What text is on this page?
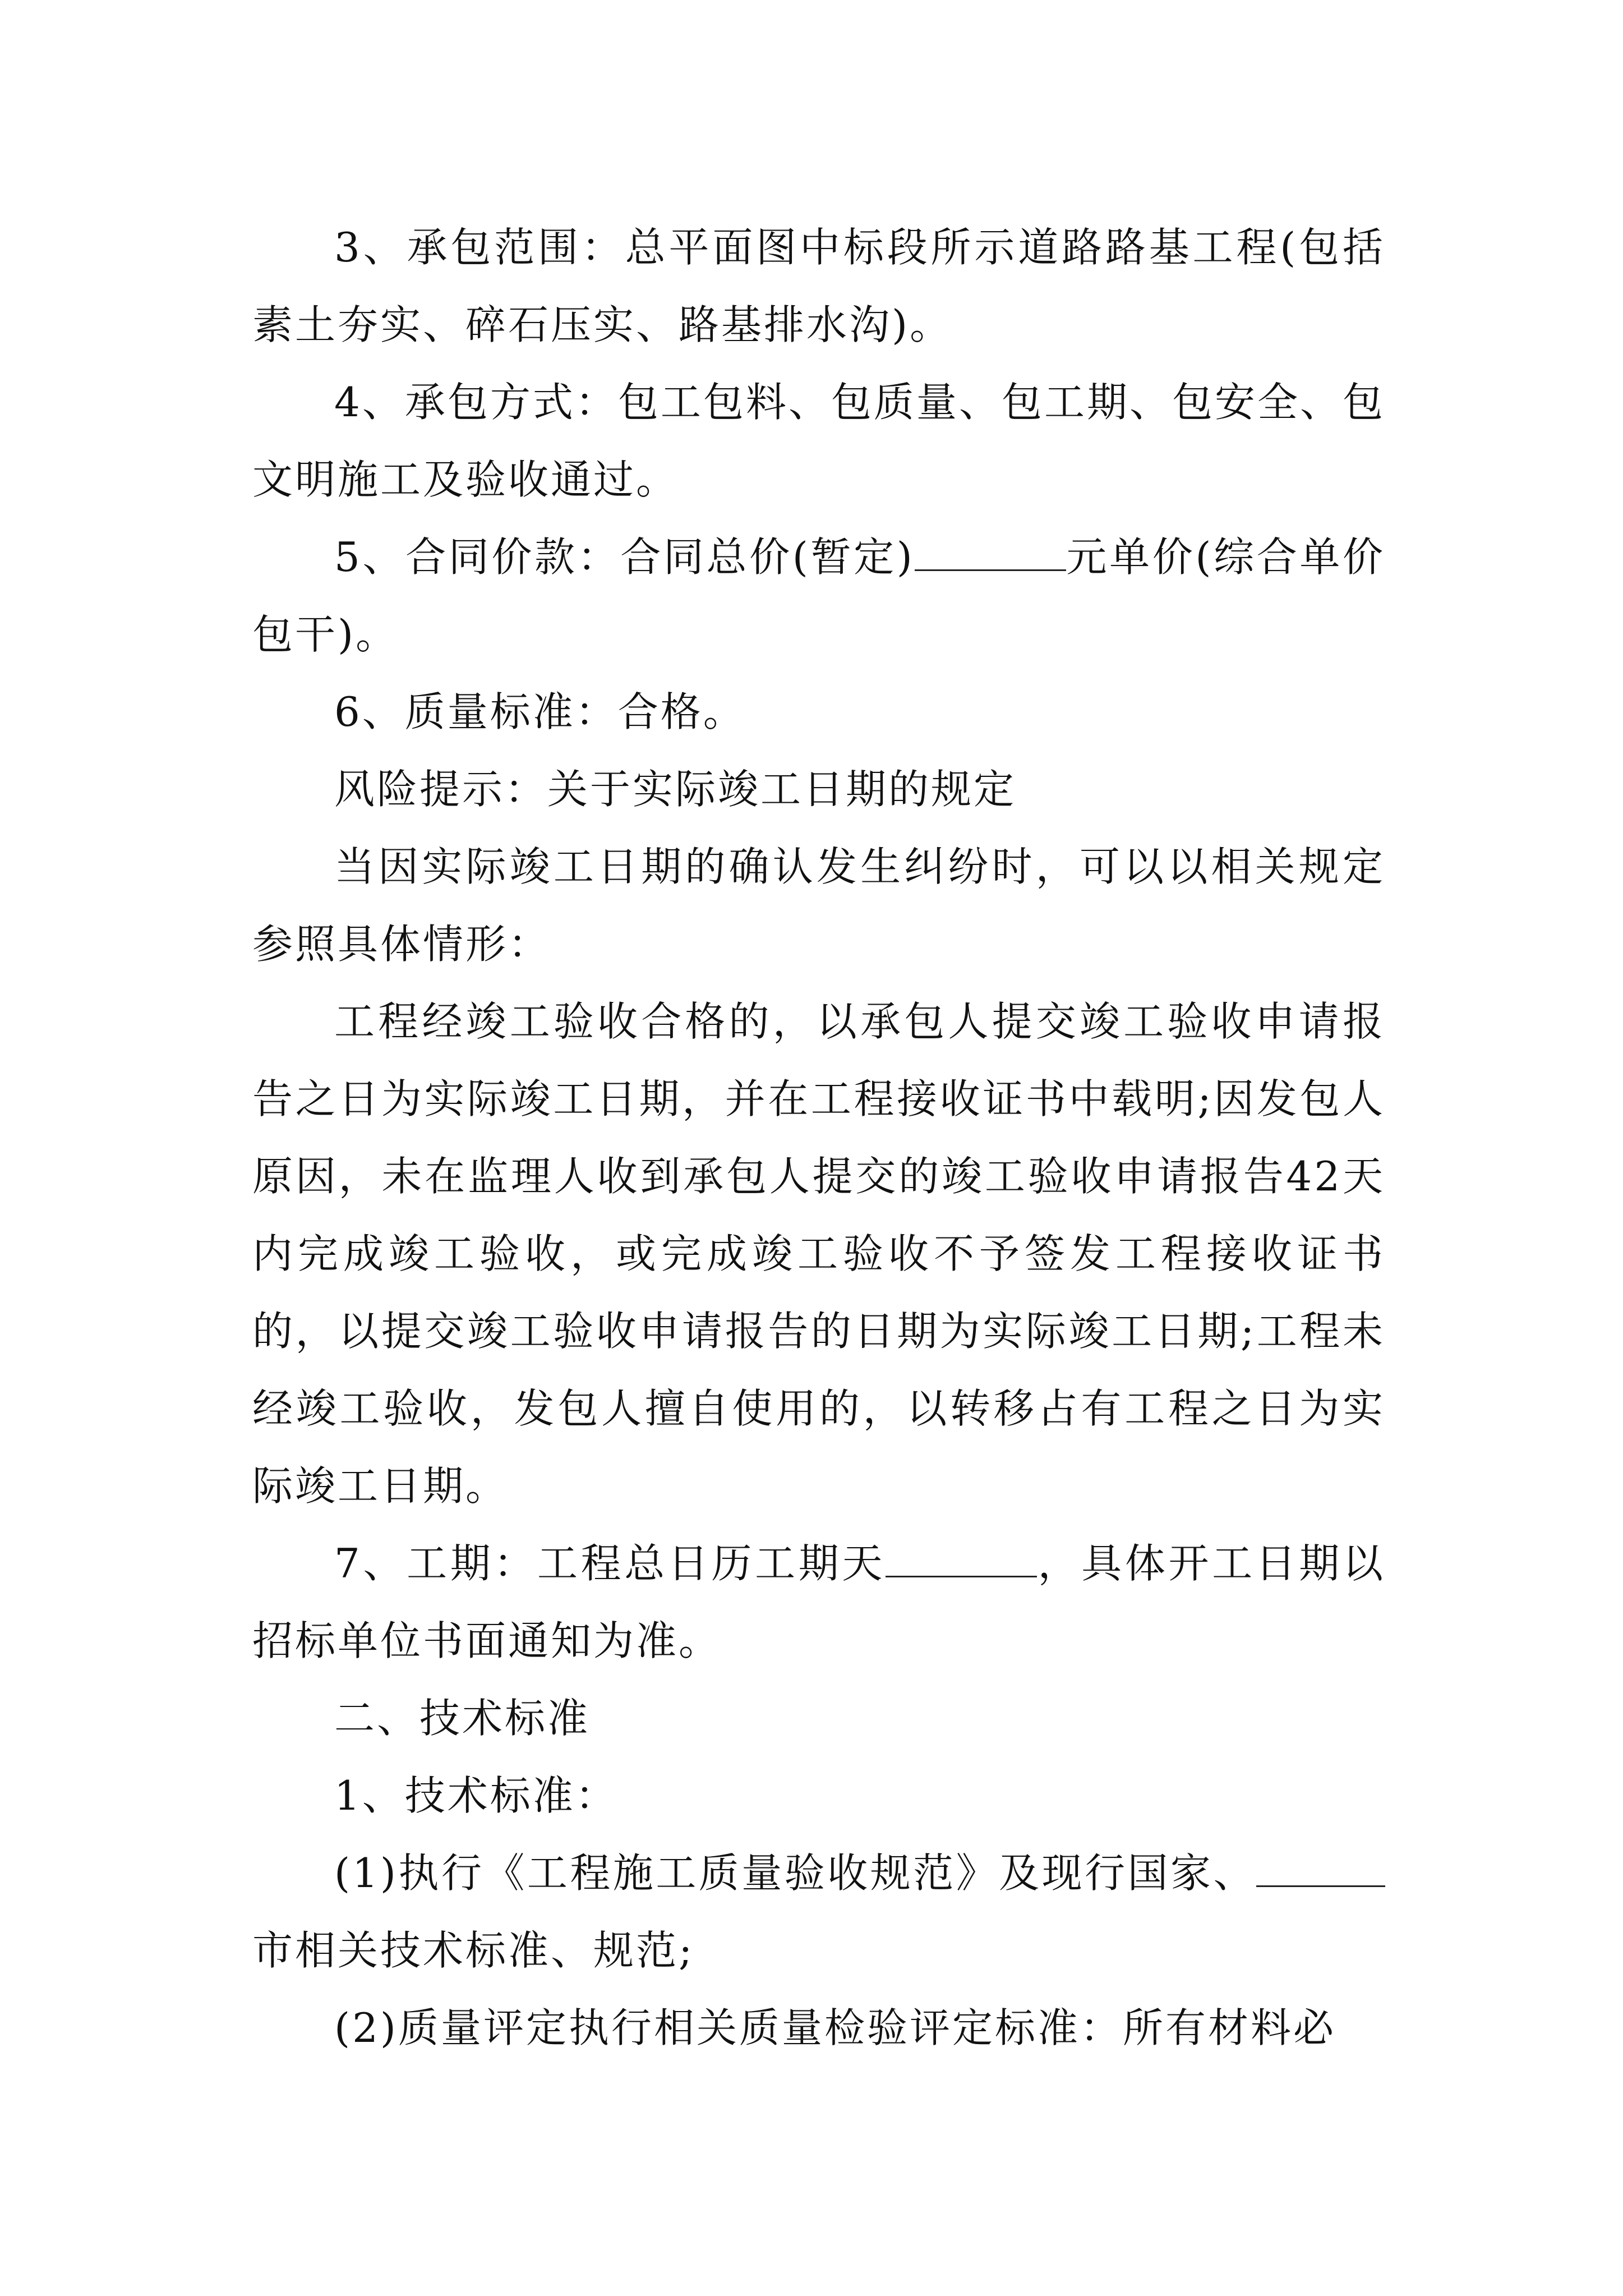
3、承包范围：总平面图中标段所示道路路基工程(包括素土夯实、碎石压实、路基排水沟)。

4、承包方式：包工包料、包质量、包工期、包安全、包文明施工及验收通过。

5、合同价款：合同总价(暂定)	元单价(综合单价包干)。

6、质量标准：合格。

风险提示：关于实际竣工日期的规定

当因实际竣工日期的确认发生纠纷时，可以以相关规定参照具体情形：

工程经竣工验收合格的，以承包人提交竣工验收申请报告之日为实际竣工日期，并在工程接收证书中载明;因发包人原因，未在监理人收到承包人提交的竣工验收申请报告42天内完成竣工验收，或完成竣工验收不予签发工程接收证书的，以提交竣工验收申请报告的日期为实际竣工日期;工程未经竣工验收，发包人擅自使用的，以转移占有工程之日为实际竣工日期。

7、工期：工程总日历工期天	，具体开工日期以招标单位书面通知为准。

二、技术标准

1、技术标准：

(1)执行《工程施工质量验收规范》及现行国家、市相关技术标准、规范;

(2)质量评定执行相关质量检验评定标准：所有材料必
